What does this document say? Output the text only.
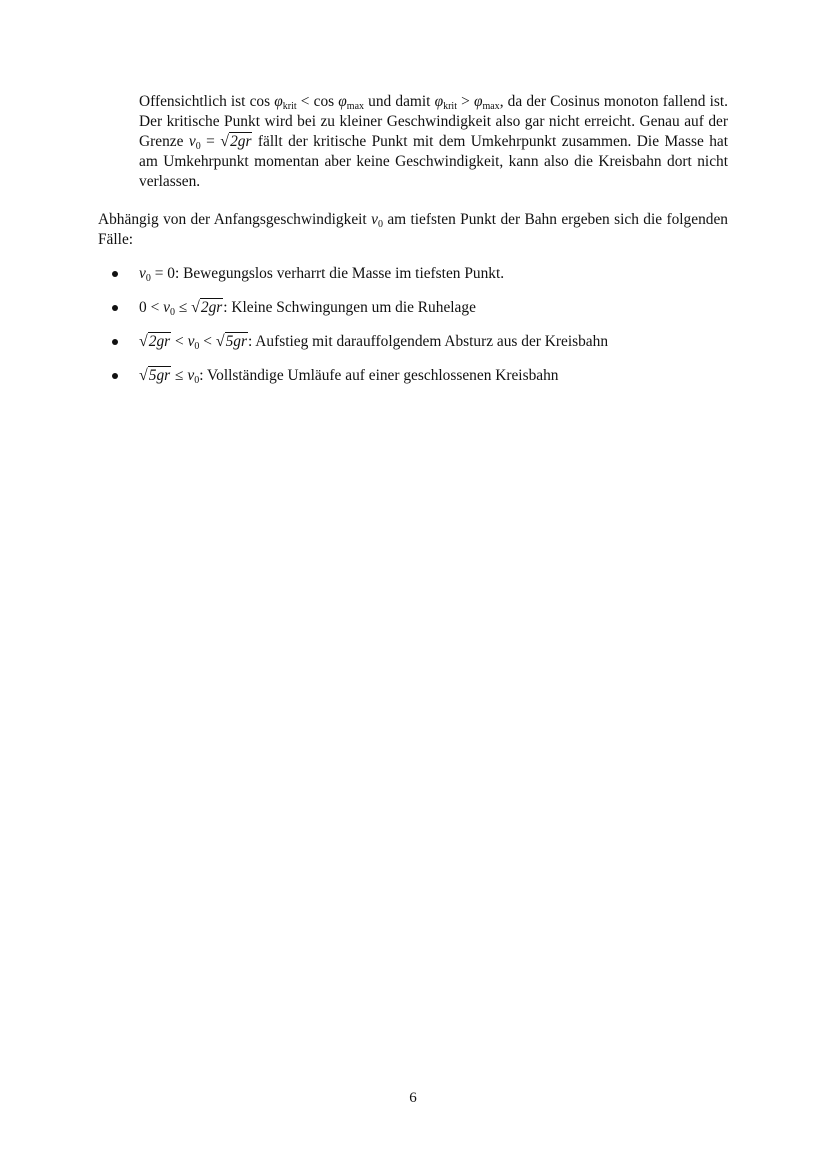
Offensichtlich ist $\cos \varphi_{krit} < \cos \varphi_{max}$ und damit $\varphi_{krit} > \varphi_{max}$, da der Cosinus monoton fallend ist. Der kritische Punkt wird bei zu kleiner Geschwindigkeit also gar nicht erreicht. Genau auf der Grenze $v_0 = √2gr$ fällt der kritische Punkt mit dem Umkehrpunkt zusammen. Die Masse hat am Umkehrpunkt momentan aber keine Geschwindigkeit, kann also die Kreisbahn dort nicht verlassen.
Abhängig von der Anfangsgeschwindigkeit $v_0$ am tiefsten Punkt der Bahn ergeben sich die folgenden Fälle:
$v_0 = 0$: Bewegungslos verharrt die Masse im tiefsten Punkt.
$0 < v_0 \le √2gr$: Kleine Schwingungen um die Ruhelage
$√2gr < v_0 < √5gr$: Aufstieg mit darauffolgendem Absturz aus der Kreisbahn
$√5gr \le v_0$: Vollständige Umläufe auf einer geschlossenen Kreisbahn
6
